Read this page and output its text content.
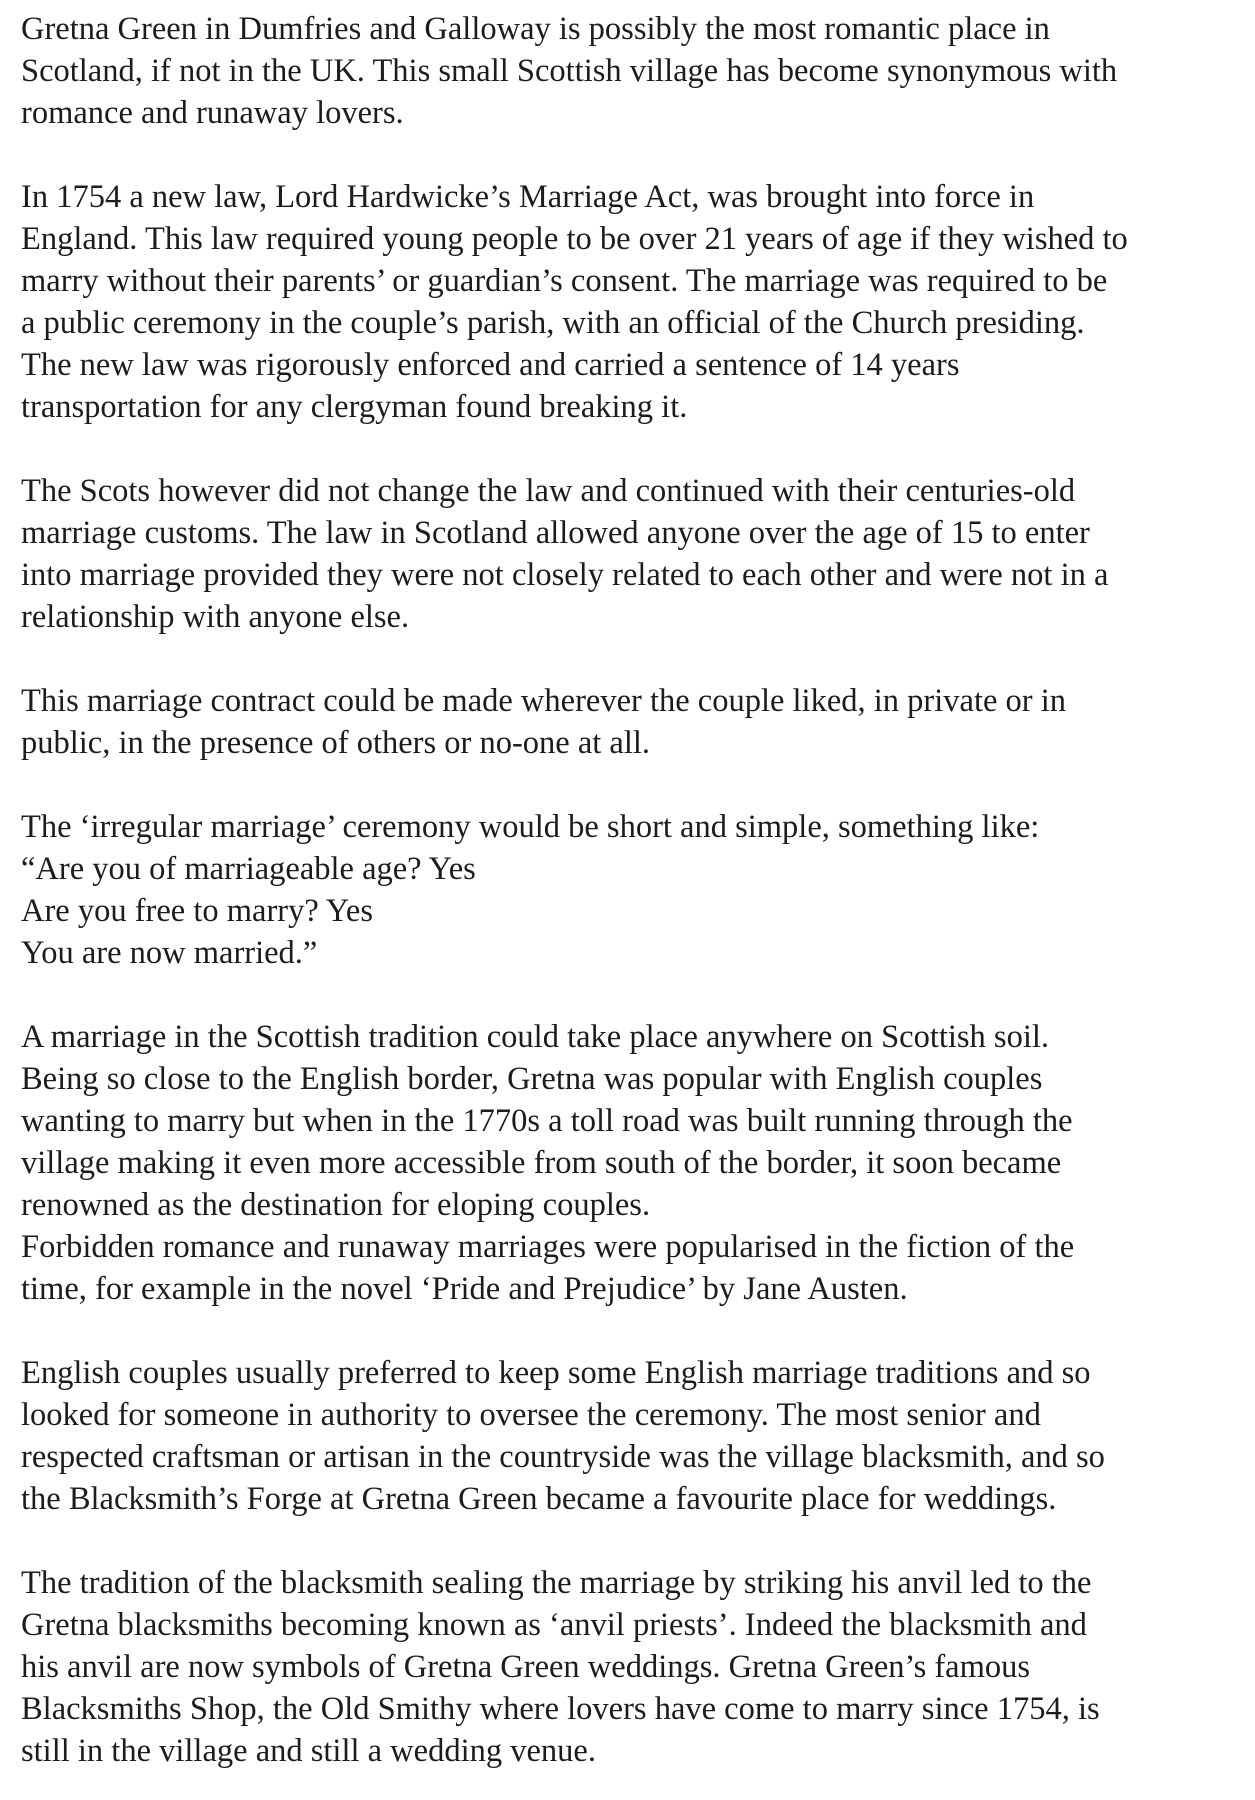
Gretna Green in Dumfries and Galloway is possibly the most romantic place in
Scotland, if not in the UK. This small Scottish village has become synonymous with
romance and runaway lovers.

In 1754 a new law, Lord Hardwicke’s Marriage Act, was brought into force in
England. This law required young people to be over 21 years of age if they wished to
marry without their parents’ or guardian’s consent. The marriage was required to be
a public ceremony in the couple’s parish, with an official of the Church presiding.
The new law was rigorously enforced and carried a sentence of 14 years
transportation for any clergyman found breaking it.

The Scots however did not change the law and continued with their centuries-old
marriage customs. The law in Scotland allowed anyone over the age of 15 to enter
into marriage provided they were not closely related to each other and were not in a
relationship with anyone else.

This marriage contract could be made wherever the couple liked, in private or in
public, in the presence of others or no-one at all.

The ‘irregular marriage’ ceremony would be short and simple, something like:
“Are you of marriageable age? Yes
Are you free to marry? Yes
You are now married.”

A marriage in the Scottish tradition could take place anywhere on Scottish soil.
Being so close to the English border, Gretna was popular with English couples
wanting to marry but when in the 1770s a toll road was built running through the
village making it even more accessible from south of the border, it soon became
renowned as the destination for eloping couples.

Forbidden romance and runaway marriages were popularised in the fiction of the
time, for example in the novel ‘Pride and Prejudice’ by Jane Austen.

English couples usually preferred to keep some English marriage traditions and so
looked for someone in authority to oversee the ceremony. The most senior and
respected craftsman or artisan in the countryside was the village blacksmith, and so
the Blacksmith’s Forge at Gretna Green became a favourite place for weddings.

The tradition of the blacksmith sealing the marriage by striking his anvil led to the
Gretna blacksmiths becoming known as ‘anvil priests’. Indeed the blacksmith and
his anvil are now symbols of Gretna Green weddings. Gretna Green’s famous
Blacksmiths Shop, the Old Smithy where lovers have come to marry since 1754, is
still in the village and still a wedding venue.
